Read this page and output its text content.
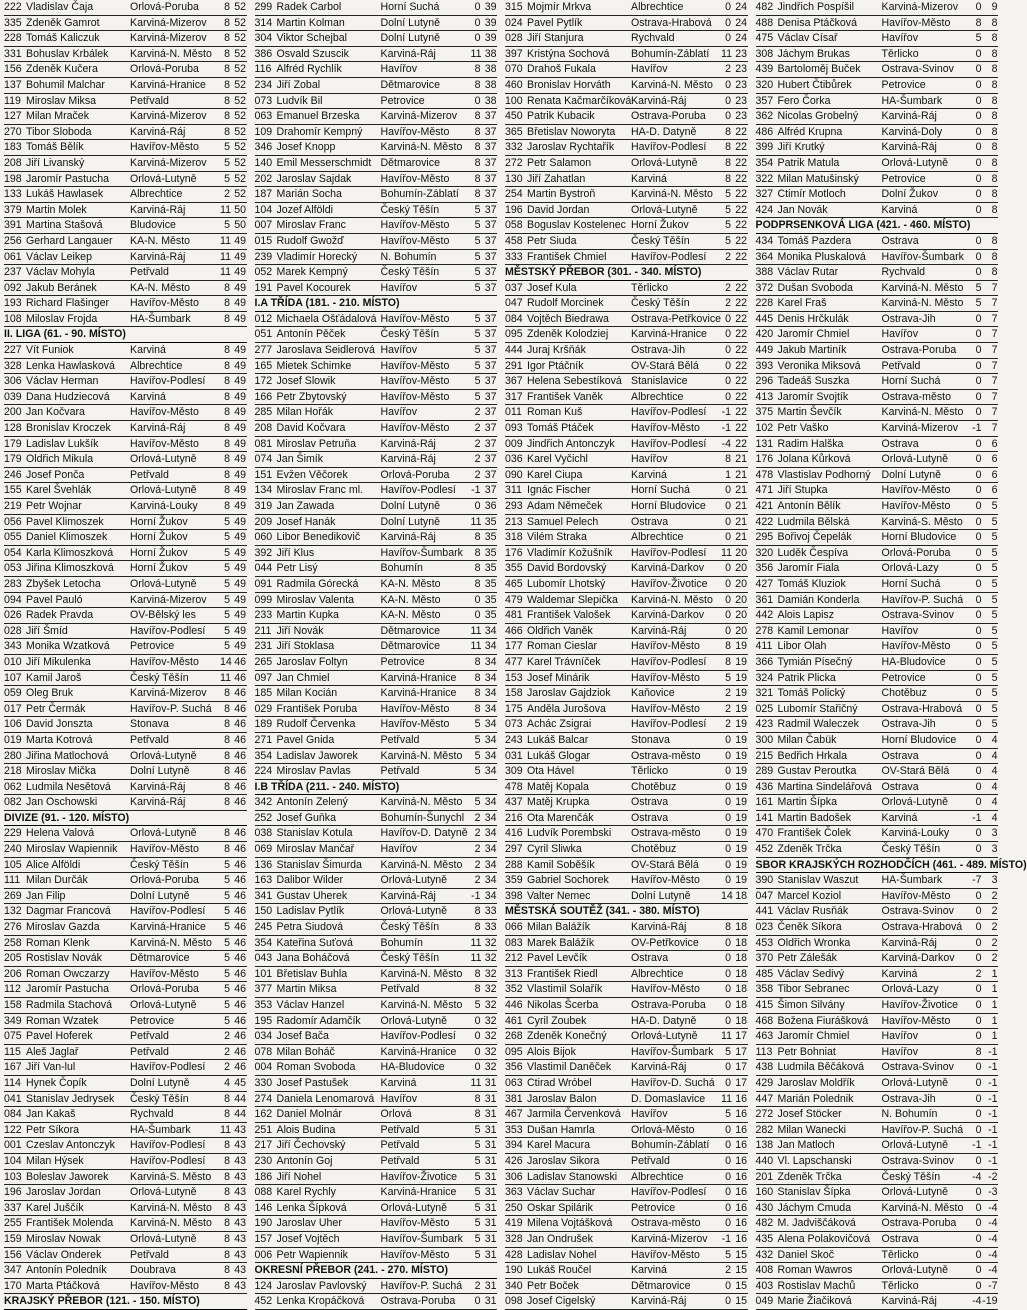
222 Vladislav Čaja	Orlová-Poruba	8 52
335 Zdeněk Gamrot	Karviná-Mizerov	8 52
228 Tomáš Kaliczuk	Karviná-Mizerov	8 52
331 Bohuslav Krbálek	Karviná-N. Město	8 52
156 Zdeněk Kučera	Orlová-Poruba	8 52
137 Bohumil Malchar	Karviná-Hranice	8 52
119 Miroslav Miksa	Petřvald	8 52
127 Milan Mraček	Karviná-Mizerov	8 52
270 Tibor Sloboda	Karviná-Ráj	8 52
183 Tomáš Bělík	Havířov-Město	5 52
208 Jiří Livanský	Karviná-Mizerov	5 52
198 Jaromír Pastucha	Orlová-Lutyně	5 52
133 Lukáš Hawlasek	Albrechtice	2 52
379 Martin Molek	Karviná-Ráj	11 50
391 Martina Stašová	Bludovice	5 50
256 Gerhard Langauer	KA-N. Město	11 49
061 Václav Leikep	Karviná-Ráj	11 49
237 Václav Mohyla	Petřvald	11 49
092 Jakub Beránek	KA-N. Město	8 49
193 Richard Flašinger	Havířov-Město	8 49
108 Miloslav Frojda	HA-Šumbark	8 49
II. LIGA (61. - 90. MÍSTO)
227 Vít Funiok	Karviná	8 49
328 Lenka Hawlasková	Albrechtice	8 49
306 Václav Herman	Havířov-Podlesí	8 49
039 Dana Hudziecová	Karviná	8 49
200 Jan Kočvara	Havířov-Město	8 49
128 Bronislav Kroczek	Karviná-Ráj	8 49
179 Ladislav Lukšík	Havířov-Město	8 49
179 Oldřich Mikula	Orlová-Lutyně	8 49
246 Josef Ponča	Petřvald	8 49
155 Karel Švehlák	Orlová-Lutyně	8 49
219 Petr Wojnar	Karviná-Louky	8 49
056 Pavel Klimoszek	Horní Žukov	5 49
055 Daniel Klimoszek	Horní Žukov	5 49
054 Karla Klimoszková	Horní Žukov	5 49
053 Jiřina Klimoszková	Horní Žukov	5 49
283 Zbyšek Letocha	Orlová-Lutyně	5 49
094 Pavel Pauló	Karviná-Mizerov	5 49
026 Radek Pravda	OV-Bělský les	5 49
028 Jiří Šmíd	Havířov-Podlesí	5 49
343 Monika Wzatková	Petrovice	5 49
010 Jiří Mikulenka	Havířov-Město	14 46
107 Kamil Jaroš	Český Těšín	11 46
059 Oleg Bruk	Karviná-Mizerov	8 46
017 Petr Čermák	Havířov-P. Suchá	8 46
106 David Jonszta	Stonava	8 46
019 Marta Kotrová	Petřvald	8 46
280 Jiřina Matlochová	Orlová-Lutyně	8 46
218 Miroslav Mička	Dolní Lutyně	8 46
062 Ludmila Nesětová	Karviná-Ráj	8 46
082 Jan Oschowski	Karviná-Ráj	8 46
DIVIZE (91. - 120. MÍSTO)
229 Helena Valová	Orlová-Lutyně	8 46
240 Miroslav Wapiennik	Havířov-Město	8 46
105 Alice Alföldi	Český Těšín	5 46
111 Milan Durčák	Orlová-Poruba	5 46
269 Jan Filip	Dolní Lutyně	5 46
132 Dagmar Francová	Havířov-Podlesí	5 46
276 Miroslav Gazda	Karviná-Hranice	5 46
258 Roman Klenk	Karviná-N. Město	5 46
205 Rostislav Novák	Dětmarovice	5 46
206 Roman Owczarzy	Havířov-Město	5 46
112 Jaromír Pastucha	Orlová-Poruba	5 46
158 Radmila Stachová	Orlová-Lutyně	5 46
349 Roman Wzatek	Petrovice	5 46
075 Pavel Hoferek	Petřvald	2 46
115 Aleš Jaglař	Petřvald	2 46
167 Jiří Van-lul	Havířov-Podlesí	2 46
114 Hynek Čopík	Dolní Lutyně	4 45
041 Stanislav Jedrysek	Český Těšín	8 44
084 Jan Kakaš	Rychvald	8 44
122 Petr Síkora	HA-Šumbark	11 43
001 Czeslav Antonczyk	Havířov-Podlesí	8 43
104 Milan Hýsek	Havířov-Podlesí	8 43
103 Boleslav Jaworek	Karviná-S. Město	8 43
196 Jaroslav Jordan	Orlová-Lutyně	8 43
337 Karel Juščík	Karviná-N. Město	8 43
255 František Molenda	Karviná-N. Město	8 43
159 Miroslav Nowak	Orlová-Lutyně	8 43
156 Václav Onderek	Petřvald	8 43
347 Antonín Poledník	Doubrava	8 43
170 Marta Ptáčková	Havířov-Město	8 43
KRAJSKÝ PŘEBOR (121. - 150. MÍSTO)
299 Radek Carbol	Horní Suchá	0 39
314 Martin Kolman	Dolní Lutyně	0 39
304 Viktor Schejbal	Dolní Lutyně	0 39
386 Osvald Szuscik	Karviná-Ráj	11 38
116 Alfréd Rychlík	Havířov	8 38
234 Jiří Zobal	Dětmarovice	8 38
073 Ludvík Bil	Petrovice	0 38
063 Emanuel Brzeska	Karviná-Mizerov	8 37
109 Drahomír Kempný	Havířov-Město	8 37
346 Josef Knopp	Karviná-N. Město	8 37
140 Emil Messerschmidt Dětmarovice	8 37
202 Jaroslav Sajdak	Havířov-Město	8 37
187 Marián Socha	Bohumín-Záblatí	8 37
104 Jozef Alföldi	Český Těšín	5 37
007 Miroslav Franc	Havířov-Město	5 37
015 Rudolf Gwožď	Havířov-Město	5 37
239 Vladimír Horecký	N. Bohumín	5 37
052 Marek Kempný	Český Těšín	5 37
191 Pavel Kocourek	Havířov	5 37
I.A TŘÍDA (181. - 210. MÍSTO)
012 Michaela Ošťádalová Havířov-Město	5 37
051 Antonín Pěček	Český Těšín	5 37
277 Jaroslava Seidlerová Havířov	5 37
165 Mietek Schimke	Havířov-Město	5 37
172 Josef Slowik	Havířov-Město	5 37
166 Petr Zbytovský	Havířov-Město	5 37
285 Milan Hořák	Havířov	2 37
208 David Kočvara	Havířov-Město	2 37
081 Miroslav Petruňa	Karviná-Ráj	2 37
074 Jan Šimík	Karviná-Ráj	2 37
151 Evžen Věčorek	Orlová-Poruba	2 37
134 Miroslav Franc ml.	Havířov-Podlesí	-1 37
319 Jan Zawada	Dolní Lutyně	0 36
209 Josef Hanák	Dolní Lutyně	11 35
060 Libor Benedikovič	Karviná-Ráj	8 35
392 Jiří Klus	Havířov-Šumbark	8 35
044 Petr Lisý	Bohumín	8 35
091 Radmila Górecká	KA-N. Město	8 35
099 Miroslav Valenta	KA-N. Město	0 35
233 Martin Kupka	KA-N. Město	0 35
211 Jiří Novák	Dětmarovice	11 34
231 Jiří Stoklasa	Dětmarovice	11 34
265 Jaroslav Foltyn	Petrovice	8 34
097 Jan Chmiel	Karviná-Hranice	8 34
185 Milan Kocián	Karviná-Hranice	8 34
029 František Poruba	Havířov-Město	8 34
189 Rudolf Červenka	Havířov-Město	5 34
271 Pavel Gnida	Petřvald	5 34
354 Ladislav Jaworek	Karviná-N. Město	5 34
224 Miroslav Pavlas	Petřvald	5 34
I.B TŘÍDA (211. - 240. MÍSTO)
342 Antonín Zelený	Karviná-N. Město	5 34
252 Josef Guňka	Bohumín-Šunychl 2 34
038 Stanislav Kotula	Havířov-D. Datyně 2 34
069 Miroslav Mančař	Havířov	2 34
136 Stanislav Šimurda	Karviná-N. Město	2 34
163 Dalibor Wilder	Orlová-Lutyně	2 34
341 Gustav Uherek	Karviná-Ráj	-1 34
150 Ladislav Pytlík	Orlová-Lutyně	8 33
245 Petra Siudová	Český Těšín	8 33
354 Kateřina Suťová	Bohumín	11 32
043 Jana Boháčová	Český Těšín	11 32
101 Břetislav Buhla	Karviná-N. Město	8 32
377 Martin Miksa	Petřvald	8 32
353 Václav Hanzel	Karviná-N. Město	5 32
195 Radomír Adamčík	Orlová-Lutyně	0 32
034 Josef Bača	Havířov-Podlesí	0 32
078 Milan Boháč	Karviná-Hranice	0 32
004 Roman Svoboda	HA-Bludovice	0 32
330 Josef Pastušek	Karviná	11 31
274 Daniela Lenomarová Havířov	8 31
162 Daniel Molnár	Orlová	8 31
251 Alois Budina	Petřvald	5 31
217 Jiří Čechovský	Petřvald	5 31
230 Antonín Goj	Petřvald	5 31
186 Jiří Nohel	Havířov-Životice	5 31
088 Karel Rychly	Karviná-Hranice	5 31
146 Lenka Šípková	Orlová-Lutyně	5 31
190 Jaroslav Uher	Havířov-Město	5 31
157 Josef Vojtěch	Havířov-Šumbark	5 31
006 Petr Wapiennik	Havířov-Město	5 31
OKRESNÍ PŘEBOR (241. - 270. MÍSTO)
124 Jaroslav Pavlovský	Havířov-P. Suchá	2 31
452 Lenka Kropáčková	Ostrava-Poruba	0 31
315 Mojmír Mrkva	Albrechtice	0 24
024 Pavel Pytlík	Ostrava-Hrabová	0 24
028 Jiří Stanjura	Rychvald	0 24
397 Kristýna Sochová	Bohumín-Záblatí	11 23
070 Drahoš Fukala	Havířov	2 23
460 Bronislav Horváth	Karviná-N. Město	0 23
100 Renata Kačmarčíková Karviná-Ráj	0 23
450 Patrik Kubacik	Ostrava-Poruba	0 23
365 Břetislav Noworyta	HA-D. Datyně	8 22
332 Jaroslav Rychtařík	Havířov-Podlesí	8 22
272 Petr Salamon	Orlová-Lutyně	8 22
130 Jiří Zahatlan	Karviná	8 22
254 Martin Bystroň	Karviná-N. Město	5 22
196 David Jordan	Orlová-Lutyně	5 22
058 Boguslav Kostelenec Horní Žukov	5 22
458 Petr Siuda	Český Těšín	5 22
333 František Chmiel	Havířov-Podlesí	2 22
MĚSTSKÝ PŘEBOR (301. - 340. MÍSTO)
037 Josef Kula	Těrlicko	2 22
047 Rudolf Morcinek	Český Těšín	2 22
084 Vojtěch Biedrawa	Ostrava-Petřkovice 0 22
095 Zdeněk Kolodziej	Karviná-Hranice	0 22
444 Juraj Kršňák	Ostrava-Jih	0 22
291 Igor Ptáčník	OV-Stará Bělá	0 22
367 Helena Sebestíková Stanislavice	0 22
317 František Vaněk	Albrechtice	0 22
011 Roman Kuš	Havířov-Podlesí	-1 22
093 Tomáš Ptáček	Havířov-Město	-1 22
009 Jindřich Antonczyk	Havířov-Podlesí	-4 22
036 Karel Vyčichl	Havířov	8 21
090 Karel Ciupa	Karviná	1 21
311 Ignác Fischer	Horní Suchá	0 21
293 Adam Němeček	Horní Bludovice	0 21
213 Samuel Pelech	Ostrava	0 21
318 Vilém Straka	Albrechtice	0 21
176 Vladimír Kožušník	Havířov-Podlesí	11 20
355 David Bordovský	Karviná-Darkov	0 20
465 Lubomír Lhotský	Havířov-Životice	0 20
479 Waldemar Slepička	Karviná-N. Město	0 20
481 František Valošek	Karviná-Darkov	0 20
466 Oldřich Vaněk	Karviná-Ráj	0 20
177 Roman Cieslar	Havířov-Město	8 19
477 Karel Trávníček	Havířov-Podlesí	8 19
153 Josef Minárik	Havířov-Město	5 19
158 Jaroslav Gajdziok	Kaňovice	2 19
175 Anděla Jurošova	Havířov-Město	2 19
073 Achác Zsigrai	Havířov-Podlesí	2 19
243 Lukáš Balcar	Stonava	0 19
031 Lukáš Glogar	Ostrava-město	0 19
309 Ota Hável	Těrlicko	0 19
478 Matěj Kopala	Chotěbuz	0 19
437 Matěj Krupka	Ostrava	0 19
216 Ota Marenčák	Ostrava	0 19
416 Ludvík Porembski	Ostrava-město	0 19
297 Cyril Sliwka	Chotěbuz	0 19
288 Kamil Soběšík	OV-Stará Bělá	0 19
359 Gabriel Sochorek	Havířov-Město	0 19
398 Valter Nemec	Dolní Lutyně	14 18
MĚSTSKÁ SOUTĚŽ (341. - 380. MÍSTO)
066 Milan Balážík	Karviná-Ráj	8 18
083 Marek Balážík	OV-Petřkovice	0 18
212 Pavel Levčík	Ostrava	0 18
313 František Riedl	Albrechtice	0 18
352 Vlastimil Solařík	Havířov-Město	0 18
446 Nikolas Šcerba	Ostrava-Poruba	0 18
461 Cyril Zoubek	HA-D. Datyně	0 18
268 Zdeněk Konečný	Orlová-Lutyně	11 17
095 Alois Bijok	Havířov-Šumbark	5 17
356 Vlastimil Daněček	Karviná-Ráj	0 17
063 Ctirad Wróbel	Havířov-D. Suchá 0 17
381 Jaroslav Balon	D. Domaslavice	11 16
467 Jarmila Červenková Havířov	5 16
353 Dušan Hamrla	Orlová-Město	0 16
394 Karel Macura	Bohumín-Záblatí	0 16
426 Jaroslav Sikora	Petřvald	0 16
306 Ladislav Stanowski	Albrechtice	0 16
363 Václav Suchar	Havířov-Podlesí	0 16
250 Oskar Spilárik	Petrovice	0 16
419 Milena Vojtášková	Ostrava-město	0 16
328 Jan Ondrušek	Karviná-Mizerov	-1 16
428 Ladislav Nohel	Havířov-Město	5 15
190 Lukáš Roučel	Karviná	2 15
340 Petr Boček	Dětmarovice	0 15
098 Josef Cigelský	Karviná-Ráj	0 15
482 Jindřich Pospíšil	Karviná-Mizerov	0 9
488 Denisa Ptáčková	Havířov-Město	8 8
475 Václav Císař	Havířov	5 8
308 Jáchym Brukas	Těrlicko	0 8
439 Bartoloměj Buček	Ostrava-Svinov	0 8
320 Hubert Čtibůrek	Petrovice	0 8
357 Fero Čorka	HA-Šumbark	0 8
362 Nicolas Grobelný	Karviná-Ráj	0 8
486 Alfréd Krupna	Karviná-Doly	0 8
399 Jiří Krutký	Karviná-Ráj	0 8
354 Patrik Matula	Orlová-Lutyně	0 8
322 Milan Matušinský	Petrovice	0 8
327 Ctimír Motloch	Dolní Žukov	0 8
424 Jan Novák	Karviná	0 8
PODPRSENKOVÁ LIGA (421. - 460. MÍSTO)
434 Tomáš Pazdera	Ostrava	0 8
364 Monika Pluskalová	Havířov-Šumbark	0 8
388 Václav Rutar	Rychvald	0 8
372 Dušan Svoboda	Karviná-N. Město	5 7
228 Karel Fraš	Karviná-N. Město	5 7
445 Denis Hrčkulák	Ostrava-Jih	0 7
420 Jaromír Chmiel	Havířov	0 7
449 Jakub Martiník	Ostrava-Poruba	0 7
393 Veronika Miksová	Petřvald	0 7
296 Tadeáš Suszka	Horní Suchá	0 7
413 Jaromír Svojtík	Ostrava-město	0 7
375 Martin Ševčík	Karviná-N. Město	0 7
102 Petr Vaško	Karviná-Mizerov	-1 7
131 Radim Halška	Ostrava	0 6
176 Jolana Kůrková	Orlová-Lutyně	0 6
478 Vlastislav Podhorný	Dolní Lutyně	0 6
471 Jiří Stupka	Havířov-Město	0 6
421 Antonín Bělík	Havířov-Město	0 5
422 Ludmila Bělská	Karviná-S. Město	0 5
295 Bořivoj Čepelák	Horní Bludovice	0 5
320 Luděk Čespíva	Orlová-Poruba	0 5
356 Jaromír Fiala	Orlová-Lazy	0 5
427 Tomáš Kluziok	Horní Suchá	0 5
361 Damián Konderla	Havířov-P. Suchá	0 5
442 Alois Lapisz	Ostrava-Svinov	0 5
278 Kamil Lemonar	Havířov	0 5
411 Libor Olah	Havířov-Město	0 5
366 Tymián Písečný	HA-Bludovice	0 5
324 Patrik Plicka	Petrovice	0 5
321 Tomáš Polický	Chotěbuz	0 5
025 Lubomír Stařičný	Ostrava-Hrabová	0 5
423 Radmil Waleczek	Ostrava-Jih	0 5
300 Milan Čabük	Horní Bludovice	0 4
215 Bedřich Hrkala	Ostrava	0 4
289 Gustav Peroutka	OV-Stará Bělá	0 4
436 Martina Sindelářová Ostrava	0 4
161 Martin Šípka	Orlová-Lutyně	0 4
141 Martin Badošek	Karviná	-1 4
470 František Čolek	Karviná-Louky	0 3
452 Zdeněk Trčka	Český Těšín	0 3
SBOR KRAJSKÝCH ROZHODČÍCH (461. - 489. MÍSTO)
390 Stanislav Waszut	HA-Šumbark	-7 3
047 Marcel Koziol	Havířov-Město	0 2
441 Václav Rusňák	Ostrava-Svinov	0 2
023 Čeněk Síkora	Ostrava-Hrabová	0 2
453 Oldřich Wronka	Karviná-Ráj	0 2
370 Petr Zálešák	Karviná-Darkov	0 2
485 Václav Sedivý	Karviná	2 1
358 Tibor Sebranec	Orlová-Lazy	0 1
415 Šimon Silvány	Havířov-Životice	0 1
468 Božena Fiurášková	Havířov-Město	0 1
463 Jaromír Chmiel	Havířov	0 1
113 Petr Bohniat	Havířov	8 -1
438 Ludmila Běčáková	Ostrava-Svinov	0 -1
429 Jaroslav Moldřík	Orlová-Lutyně	0 -1
447 Marián Polednik	Ostrava-Jih	0 -1
272 Josef Stöcker	N. Bohumín	0 -1
282 Milan Wanecki	Havířov-P. Suchá	0 -1
138 Jan Matloch	Orlová-Lutyně	-1 -1
440 Vl. Lapschanski	Ostrava-Svinov	0 -1
201 Zdeněk Trčka	Český Těšín	-4 -2
160 Stanislav Šípka	Orlová-Lutyně	0 -3
430 Jáchym Cmuda	Karviná-N. Město	0 -4
482 M. Jadviščáková	Ostrava-Poruba	0 -4
435 Alena Polakovičová	Ostrava	0 -4
432 Daniel Skoč	Těrlicko	0 -4
408 Roman Wawros	Orlová-Lutyně	0 -4
403 Rostislav Machů	Těrlicko	0 -7
049 Marie Žiačiková	Karviná-Ráj	-4 -19
